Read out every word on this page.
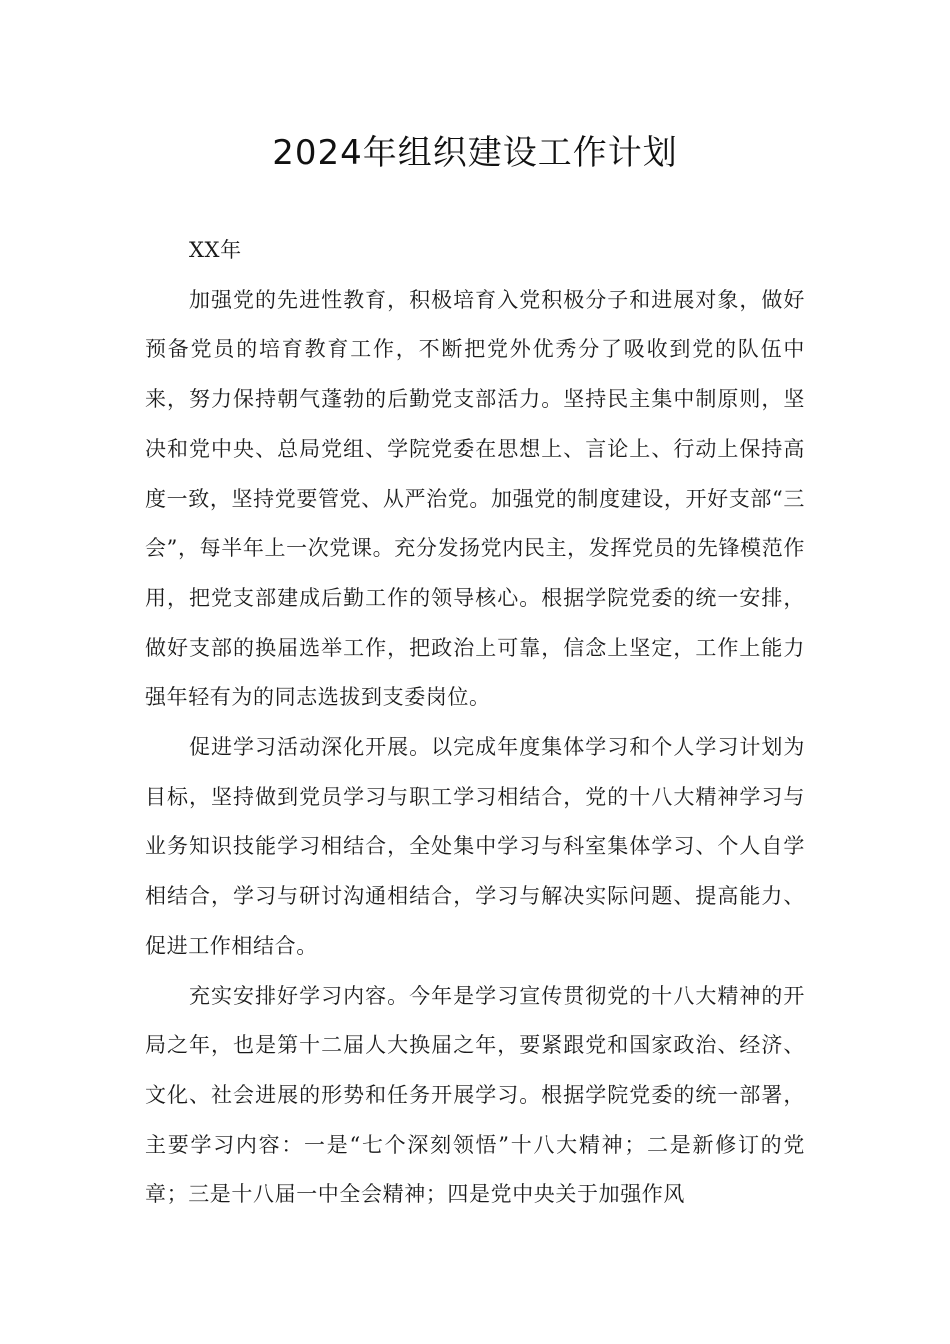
2024年组织建设工作计划

XX年

加强党的先进性教育，积极培育入党积极分子和进展对象，做好预备党员的培育教育工作，不断把党外优秀分了吸收到党的队伍中来，努力保持朝气蓬勃的后勤党支部活力。坚持民主集中制原则，坚决和党中央、总局党组、学院党委在思想上、言论上、行动上保持高度一致，坚持党要管党、从严治党。加强党的制度建设，开好支部“三会”，每半年上一次党课。充分发扬党内民主，发挥党员的先锋模范作用，把党支部建成后勤工作的领导核心。根据学院党委的统一安排，做好支部的换届选举工作，把政治上可靠，信念上坚定，工作上能力强年轻有为的同志选拔到支委岗位。

促进学习活动深化开展。以完成年度集体学习和个人学习计划为目标，坚持做到党员学习与职工学习相结合，党的十八大精神学习与业务知识技能学习相结合，全处集中学习与科室集体学习、个人自学相结合，学习与研讨沟通相结合，学习与解决实际问题、提高能力、促进工作相结合。

充实安排好学习内容。今年是学习宣传贯彻党的十八大精神的开局之年，也是第十二届人大换届之年，要紧跟党和国家政治、经济、文化、社会进展的形势和任务开展学习。根据学院党委的统一部署，主要学习内容：一是“七个深刻领悟”十八大精神；二是新修订的党章；三是十八届一中全会精神；四是党中央关于加强作风
